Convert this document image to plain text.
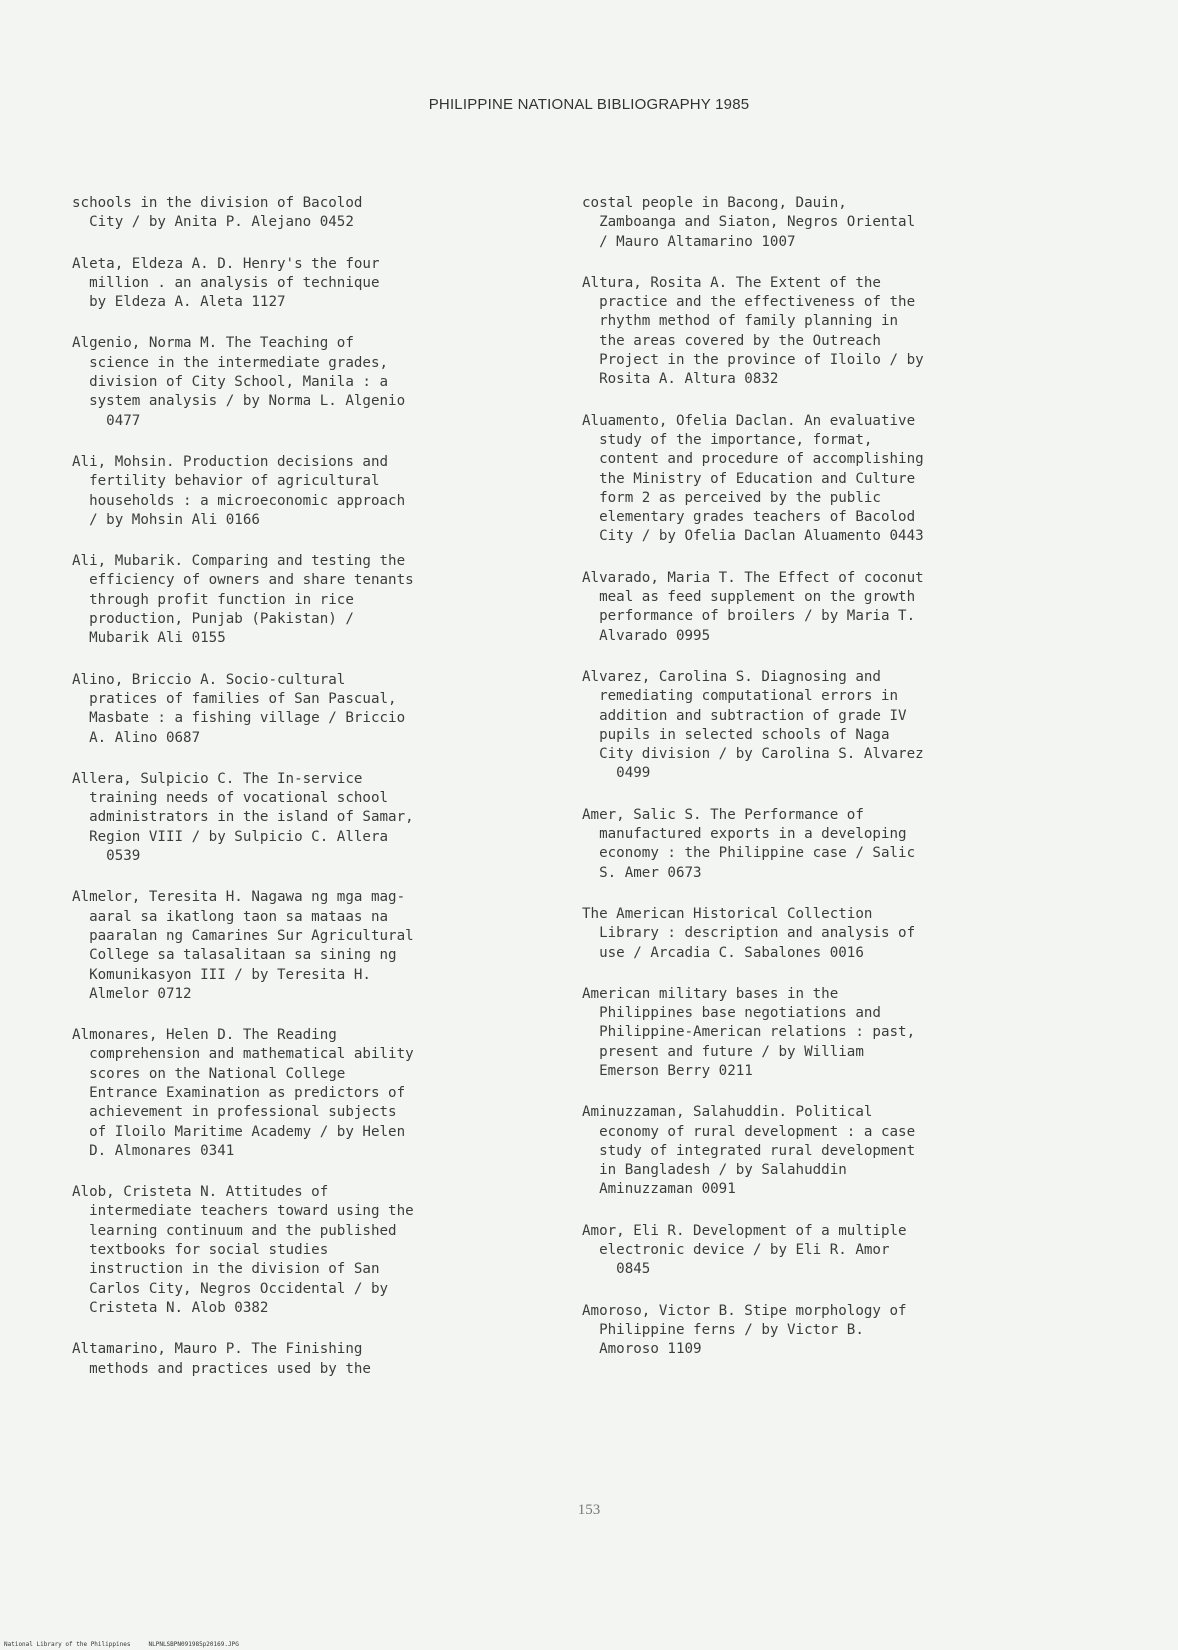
PHILIPPINE NATIONAL BIBLIOGRAPHY 1985
schools in the division of Bacolod
City / by Anita P. Alejano 0452
Aleta, Eldeza A. D. Henry's the four
million . an analysis of technique
by Eldeza A. Aleta 1127
Algenio, Norma M. The Teaching of
science in the intermediate grades,
division of City School, Manila : a
system analysis / by Norma L. Algenio
0477
Ali, Mohsin. Production decisions and
fertility behavior of agricultural
households : a microeconomic approach
/ by Mohsin Ali 0166
Ali, Mubarik. Comparing and testing the
efficiency of owners and share tenants
through profit function in rice
production, Punjab (Pakistan) /
Mubarik Ali 0155
Alino, Briccio A. Socio-cultural
pratices of families of San Pascual,
Masbate : a fishing village / Briccio
A. Alino 0687
Allera, Sulpicio C. The In-service
training needs of vocational school
administrators in the island of Samar,
Region VIII / by Sulpicio C. Allera
0539
Almelor, Teresita H. Nagawa ng mga mag-
aaral sa ikatlong taon sa mataas na
paaralan ng Camarines Sur Agricultural
College sa talasalitaan sa sining ng
Komunikasyon III / by Teresita H.
Almelor 0712
Almonares, Helen D. The Reading
comprehension and mathematical ability
scores on the National College
Entrance Examination as predictors of
achievement in professional subjects
of Iloilo Maritime Academy / by Helen
D. Almonares 0341
Alob, Cristeta N. Attitudes of
intermediate teachers toward using the
learning continuum and the published
textbooks for social studies
instruction in the division of San
Carlos City, Negros Occidental / by
Cristeta N. Alob 0382
Altamarino, Mauro P. The Finishing
methods and practices used by the
costal people in Bacong, Dauin,
Zamboanga and Siaton, Negros Oriental
/ Mauro Altamarino 1007
Altura, Rosita A. The Extent of the
practice and the effectiveness of the
rhythm method of family planning in
the areas covered by the Outreach
Project in the province of Iloilo / by
Rosita A. Altura 0832
Aluamento, Ofelia Daclan. An evaluative
study of the importance, format,
content and procedure of accomplishing
the Ministry of Education and Culture
form 2 as perceived by the public
elementary grades teachers of Bacolod
City / by Ofelia Daclan Aluamento 0443
Alvarado, Maria T. The Effect of coconut
meal as feed supplement on the growth
performance of broilers / by Maria T.
Alvarado 0995
Alvarez, Carolina S. Diagnosing and
remediating computational errors in
addition and subtraction of grade IV
pupils in selected schools of Naga
City division / by Carolina S. Alvarez
0499
Amer, Salic S. The Performance of
manufactured exports in a developing
economy : the Philippine case / Salic
S. Amer 0673
The American Historical Collection
Library : description and analysis of
use / Arcadia C. Sabalones 0016
American military bases in the
Philippines base negotiations and
Philippine-American relations : past,
present and future / by William
Emerson Berry 0211
Aminuzzaman, Salahuddin. Political
economy of rural development : a case
study of integrated rural development
in Bangladesh / by Salahuddin
Aminuzzaman 0091
Amor, Eli R. Development of a multiple
electronic device / by Eli R. Amor
0845
Amoroso, Victor B. Stipe morphology of
Philippine ferns / by Victor B.
Amoroso 1109
153
National Library of the Philippines     NLPNLSBPN091985p20169.JPG
